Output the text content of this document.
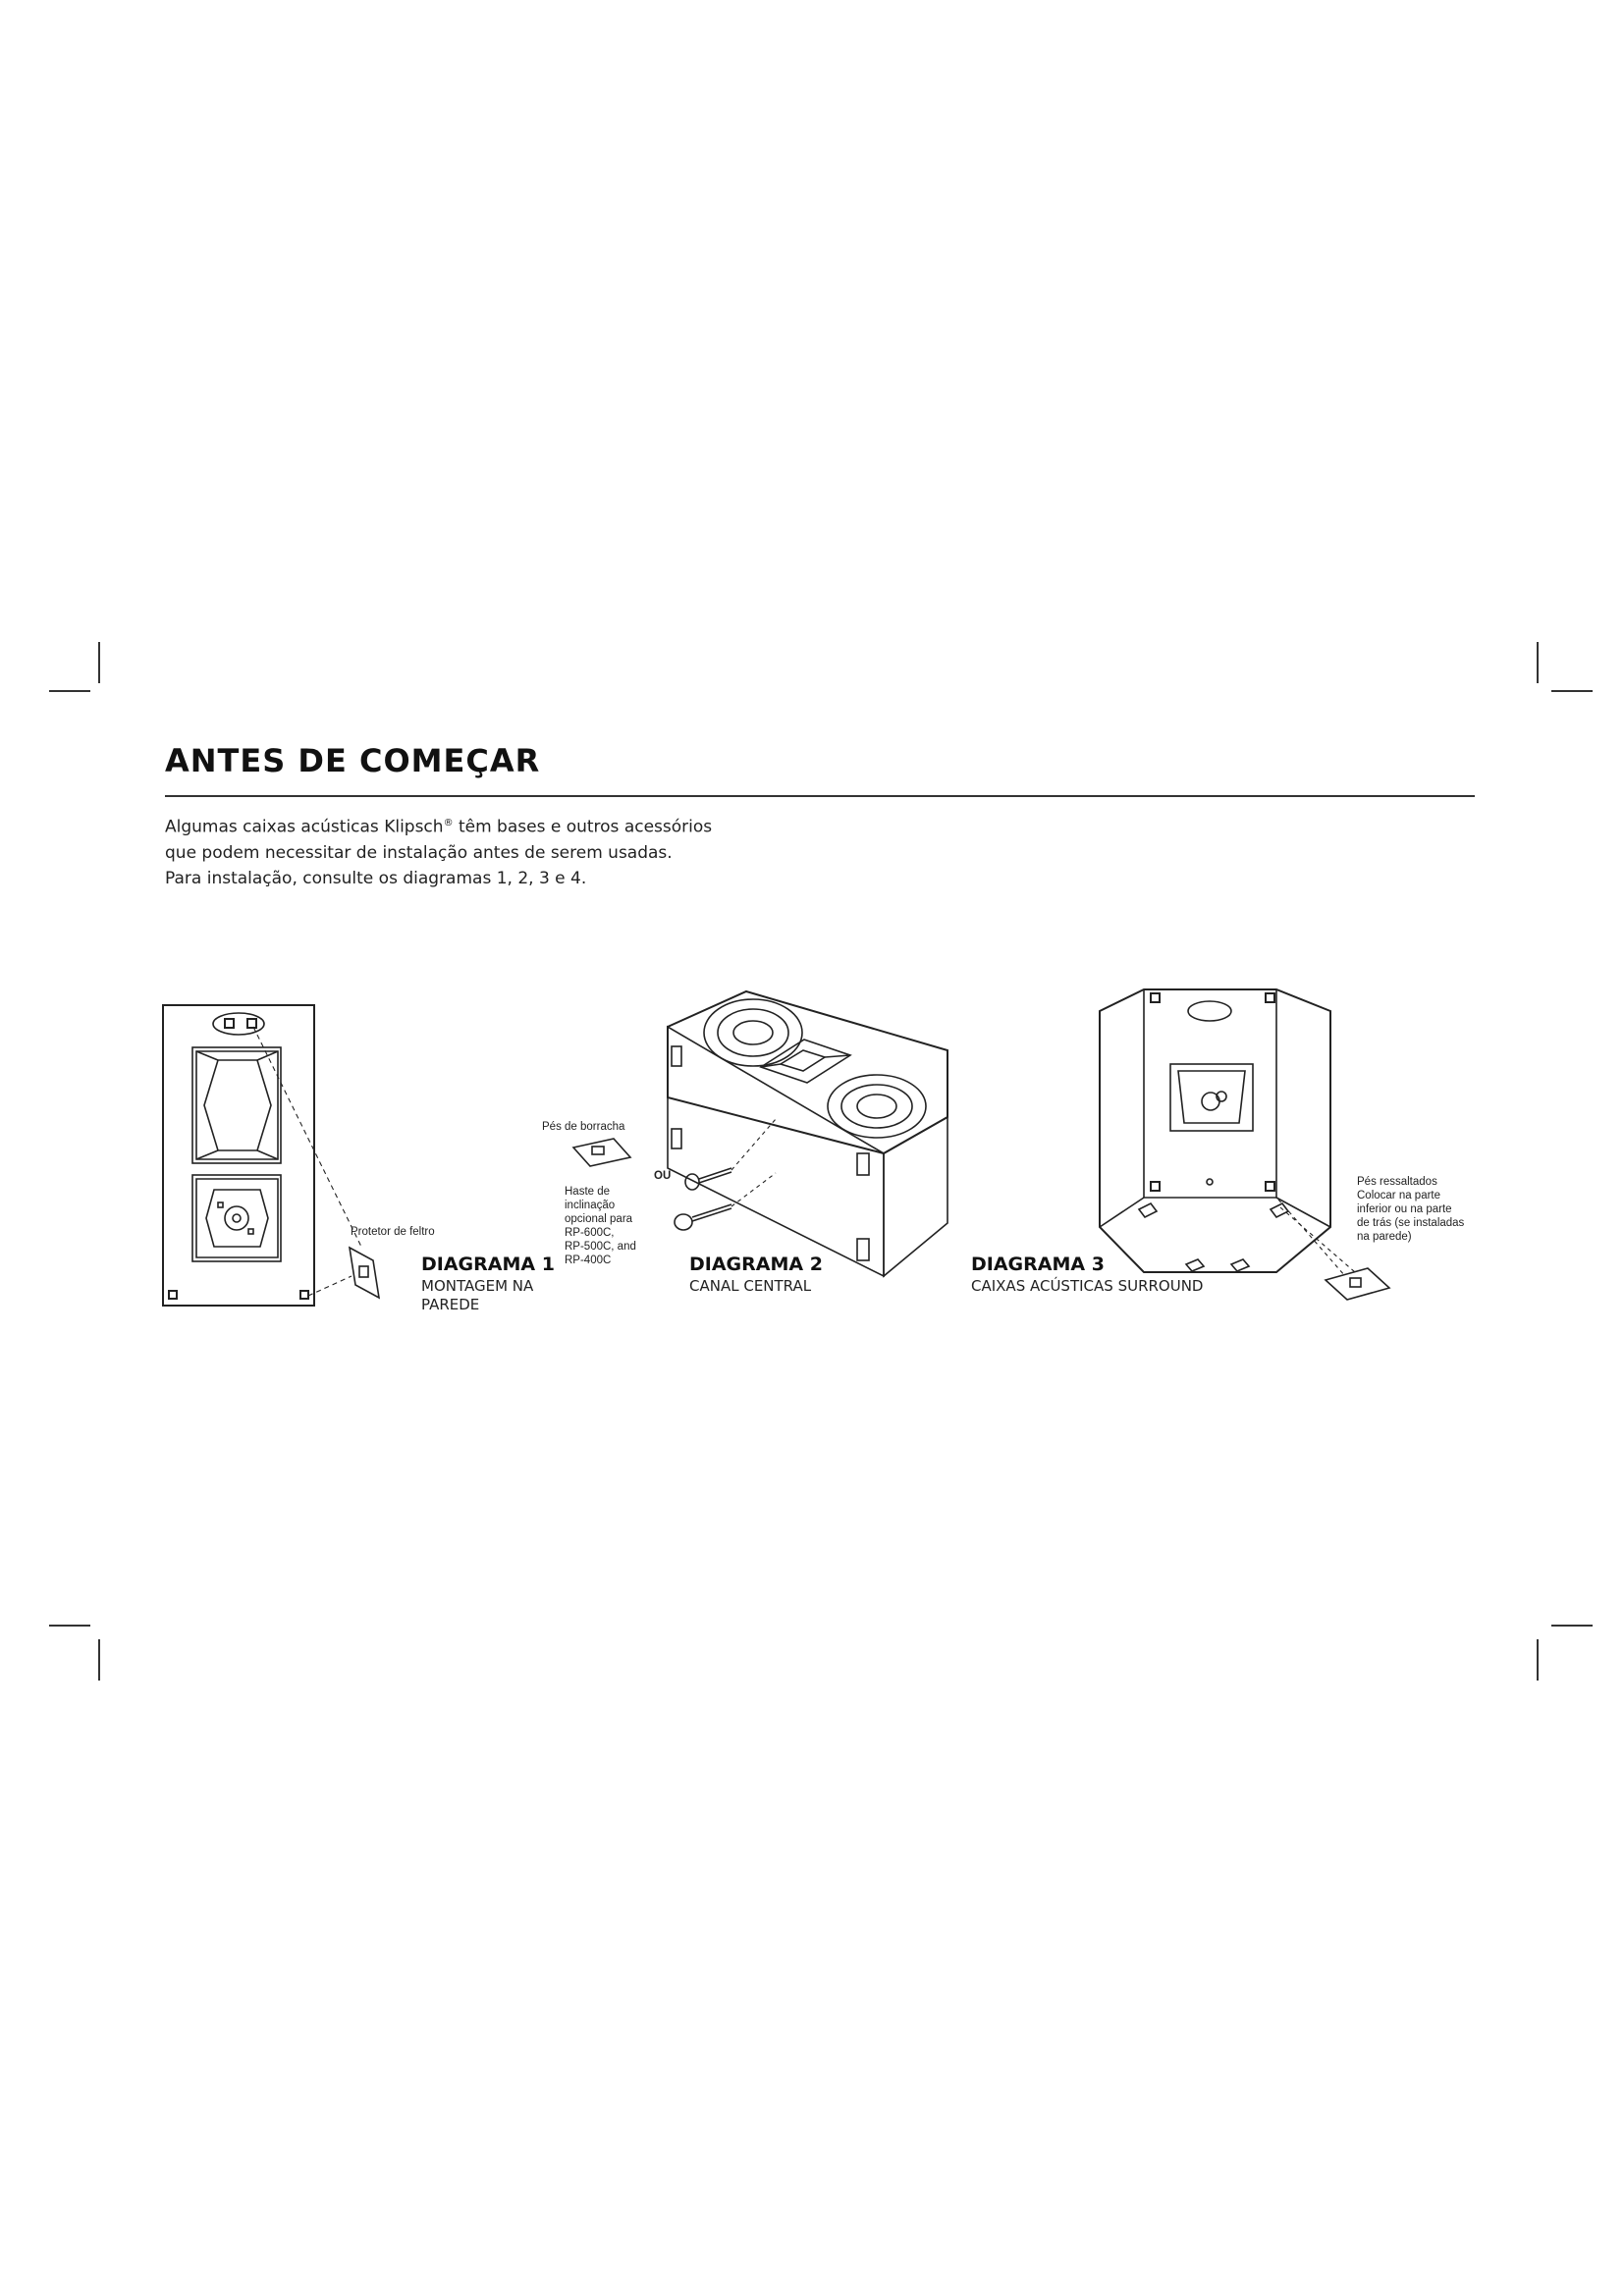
ANTES DE COMEÇAR

Algumas caixas acústicas Klipsch® têm bases e outros acessórios
que podem necessitar de instalação antes de serem usadas.
Para instalação, consulte os diagramas 1, 2, 3 e 4.

Protetor de feltro

DIAGRAMA 1

MONTAGEM NA

PAREDE

Pés de borracha

OU

Haste de
inclinação
opcional para
RP-600C,
RP-500C, and
RP-400C	DIAGRAMA 2

CANAL CENTRAL

Pés ressaltados
Colocar na parte
inferior ou na parte
de trás (se instaladas
na parede)

DIAGRAMA 3

CAIXAS ACÚSTICAS SURROUND
